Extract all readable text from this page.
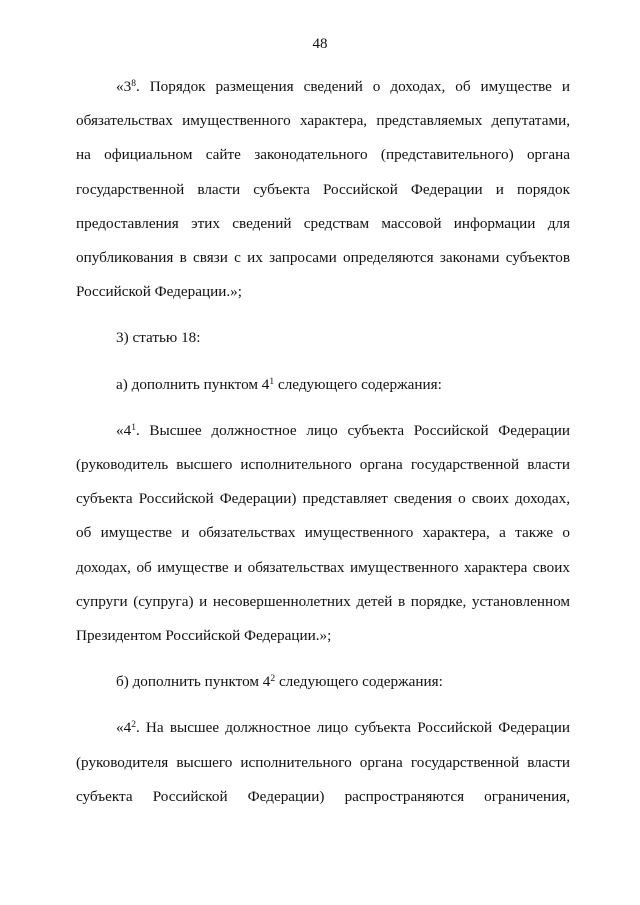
48
«$3^8$. Порядок размещения сведений о доходах, об имуществе и
обязательствах имущественного характера, представляемых депутатами,
на официальном сайте законодательного (представительного) органа
государственной власти субъекта Российской Федерации и порядок
предоставления этих сведений средствам массовой информации для
опубликования в связи с их запросами определяются законами субъектов
Российской Федерации.»;
3) статью 18:
а) дополнить пунктом $4^1$ следующего содержания:
«$4^1$. Высшее должностное лицо субъекта Российской Федерации
(руководитель высшего исполнительного органа государственной власти
субъекта Российской Федерации) представляет сведения о своих доходах,
об имуществе и обязательствах имущественного характера, а также о
доходах, об имуществе и обязательствах имущественного характера своих
супруги (супруга) и несовершеннолетних детей в порядке, установленном
Президентом Российской Федерации.»;
б) дополнить пунктом $4^2$ следующего содержания:
«$4^2$. На высшее должностное лицо субъекта Российской Федерации
(руководителя высшего исполнительного органа государственной власти
субъекта Российской Федерации) распространяются ограничения,
